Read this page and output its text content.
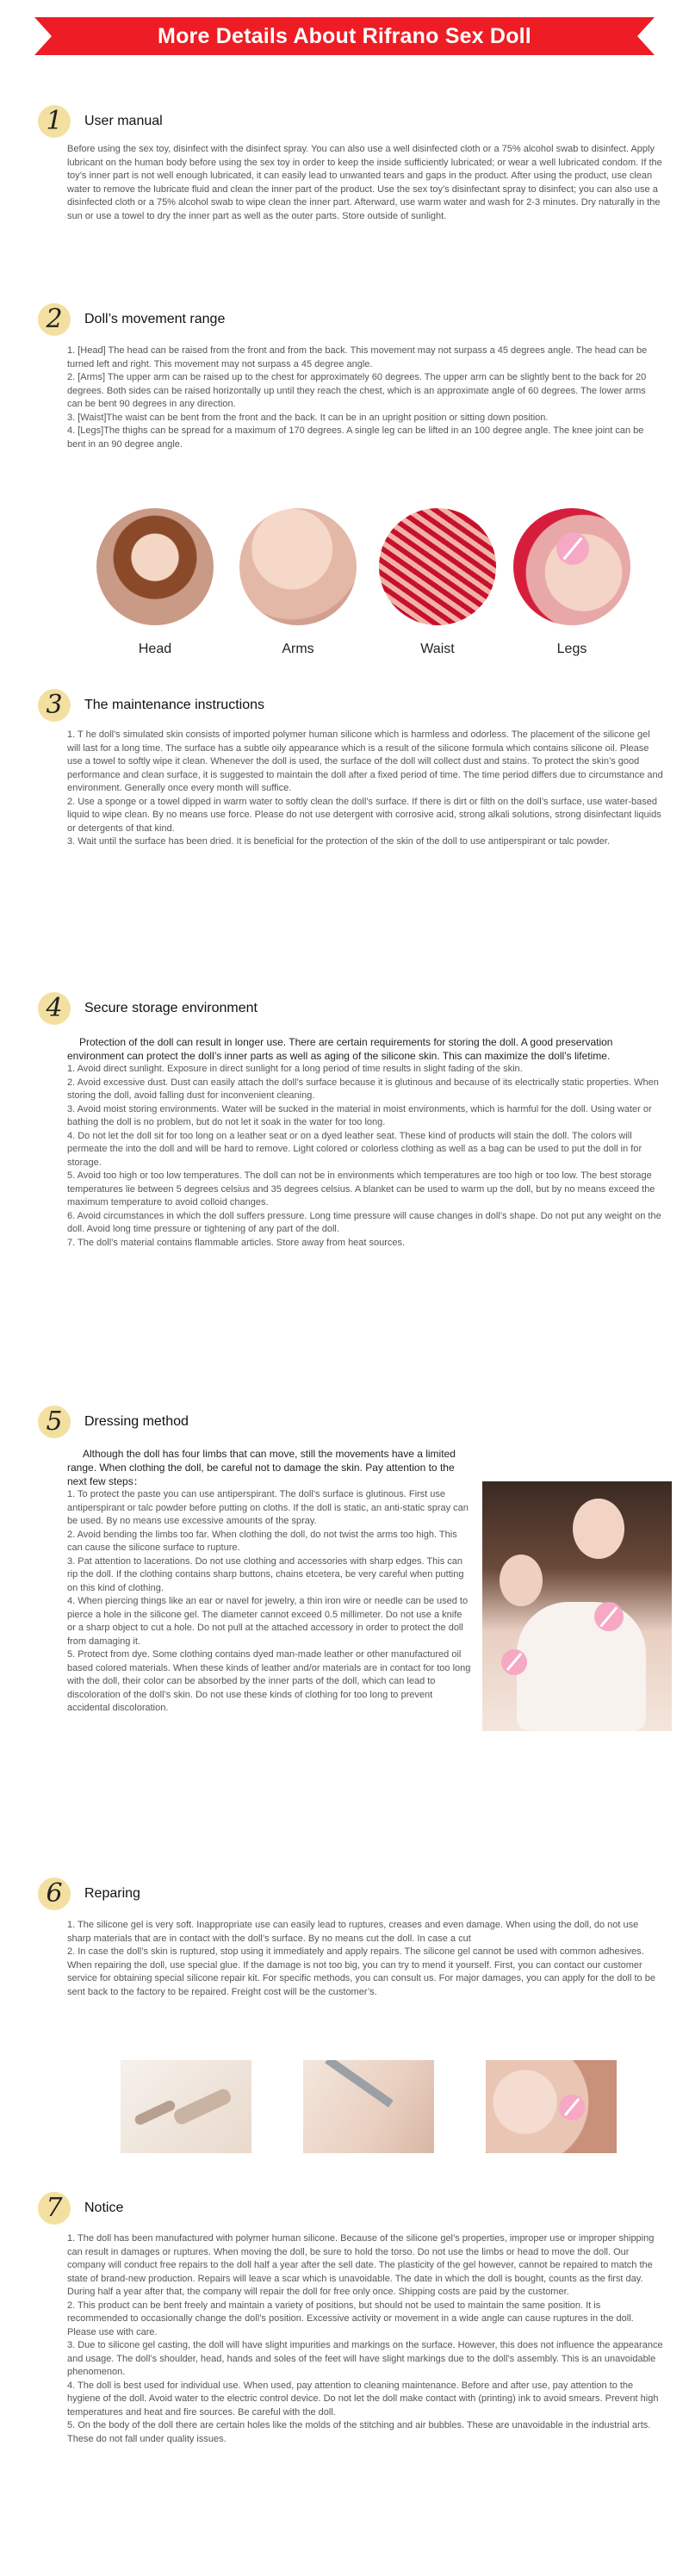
More Details About Rifrano Sex Doll
1	User manual

Before using the sex toy, disinfect with the disinfect spray. You can also use a well disinfected cloth or a 75% alcohol swab to disinfect. Apply lubricant on the human body before using the sex toy in order to keep the inside sufficiently lubricated; or wear a well lubricated condom. If the toy’s inner part is not well enough lubricated, it can easily lead to unwanted tears and gaps in the product. After using the product, use clean water to remove the lubricate fluid and clean the inner part of the product. Use the sex toy’s disinfectant spray to disinfect; you can also use a disinfected cloth or a 75% alcohol swab to wipe clean the inner part. Afterward, use warm water and wash for 2-3 minutes. Dry naturally in the sun or use a towel to dry the inner part as well as the outer parts. Store outside of sunlight.

2	Doll’s movement range

1. [Head] The head can be raised from the front and from the back. This movement may not surpass a 45 degrees angle. The head can be turned left and right. This movement may not surpass a 45 degree angle.

2. [Arms] The upper arm can be raised up to the chest for approximately 60 degrees. The upper arm can be slightly bent to the back for 20 degrees. Both sides can be raised horizontally up until they reach the chest, which is an approximate angle of 60 degrees. The lower arms can be bent 90 degrees in any direction.

3. [Waist]The waist can be bent from the front and the back. It can be in an upright position or sitting down position.

4. [Legs]The thighs can be spread for a maximum of 170 degrees. A single leg can be lifted in an 100 degree angle. The knee joint can be bent in an 90 degree angle.

Head	Arms	Waist	Legs
3	The maintenance instructions

1. T he doll’s simulated skin consists of imported polymer human silicone which is harmless and odorless. The placement of the silicone gel will last for a long time. The surface has a subtle oily appearance which is a result of the silicone formula which contains silicone oil. Please use a towel to softly wipe it clean. Whenever the doll is used, the surface of the doll will collect dust and stains. To protect the skin’s good performance and clean surface, it is suggested to maintain the doll after a fixed period of time. The time period differs due to circumstance and environment. Generally once every month will suffice.

2. Use a sponge or a towel dipped in warm water to softly clean the doll’s surface. If there is dirt or filth on the doll’s surface, use water-based liquid to wipe clean. By no means use force. Please do not use detergent with corrosive acid, strong alkali solutions, strong disinfectant liquids or detergents of that kind.

3. Wait until the surface has been dried. It is beneficial for the protection of the skin of the doll to use antiperspirant or talc powder.

4	Secure storage environment

Protection of the doll can result in longer use. There are certain requirements for storing the doll. A good preservation environment can protect the doll’s inner parts as well as aging of the silicone skin. This can maximize the doll’s lifetime.

1. Avoid direct sunlight. Exposure in direct sunlight for a long period of time results in slight fading of the skin.

2. Avoid excessive dust. Dust can easily attach the doll’s surface because it is glutinous and because of its electrically static properties. When storing the doll, avoid falling dust for inconvenient cleaning.

3. Avoid moist storing environments. Water will be sucked in the material in moist environments, which is harmful for the doll. Using water or bathing the doll is no problem, but do not let it soak in the water for too long.

4. Do not let the doll sit for too long on a leather seat or on a dyed leather seat. These kind of products will stain the doll. The colors will permeate the into the doll and will be hard to remove. Light colored or colorless clothing as well as a bag can be used to put the doll in for storage.

5. Avoid too high or too low temperatures. The doll can not be in environments which temperatures are too high or too low. The best storage temperatures lie between 5 degrees celsius and 35 degrees celsius. A blanket can be used to warm up the doll, but by no means exceed the maximum temperature to avoid colloid changes.

6. Avoid circumstances in which the doll suffers pressure. Long time pressure will cause changes in doll’s shape. Do not put any weight on the doll. Avoid long time pressure or tightening of any part of the doll.

7. The doll’s material contains flammable articles. Store away from heat sources.

5	Dressing method

Although the doll has four limbs that can move, still the movements have a limited range. When clothing the doll, be careful not to damage the skin. Pay attention to the next few steps：

1. To protect the paste you can use antiperspirant. The doll’s surface is glutinous. First use antiperspirant or talc powder before putting on cloths. If the doll is static, an anti-static spray can be used. By no means use excessive amounts of the spray.

2. Avoid bending the limbs too far. When clothing the doll, do not twist the arms too high. This can cause the silicone surface to rupture.

3. Pat attention to lacerations. Do not use clothing and accessories with sharp edges. This can rip the doll. If the clothing contains sharp buttons, chains etcetera, be very careful when putting on this kind of clothing.

4. When piercing things like an ear or navel for jewelry, a thin iron wire or needle can be used to pierce a hole in the silicone gel. The diameter cannot exceed 0.5 millimeter. Do not use a knife or a sharp object to cut a hole. Do not pull at the attached accessory in order to protect the doll from damaging it.

5. Protect from dye. Some clothing contains dyed man-made leather or other manufactured oil based colored materials. When these kinds of leather and/or materials are in contact for too long with the doll, their color can be absorbed by the inner parts of the doll, which can lead to discoloration of the doll’s skin. Do not use these kinds of clothing for too long to prevent accidental discoloration.

6	Reparing

1. The silicone gel is very soft. Inappropriate use can easily lead to ruptures, creases and even damage. When using the doll, do not use sharp materials that are in contact with the doll’s surface. By no means cut the doll. In case a cut

2. In case the doll’s skin is ruptured, stop using it immediately and apply repairs. The silicone gel cannot be used with common adhesives. When repairing the doll, use special glue. If the damage is not too big, you can try to mend it yourself. First, you can contact our customer service for obtaining special silicone repair kit. For specific methods, you can consult us. For major damages, you can apply for the doll to be sent back to the factory to be repaired. Freight cost will be the customer’s.

7	Notice

1. The doll has been manufactured with polymer human silicone. Because of the silicone gel’s properties, improper use or improper shipping can result in damages or ruptures. When moving the doll, be sure to hold the torso. Do not use the limbs or head to move the doll. Our company will conduct free repairs to the doll half a year after the sell date. The plasticity of the gel however, cannot be repaired to match the state of brand-new production. Repairs will leave a scar which is unavoidable. The date in which the doll is bought, counts as the first day. During half a year after that, the company will repair the doll for free only once. Shipping costs are paid by the customer.

2. This product can be bent freely and maintain a variety of positions, but should not be used to maintain the same position. It is recommended to occasionally change the doll’s position. Excessive activity or movement in a wide angle can cause ruptures in the doll. Please use with care.

3. Due to silicone gel casting, the doll will have slight impurities and markings on the surface. However, this does not influence the appearance and usage. The doll’s shoulder, head, hands and soles of the feet will have slight markings due to the doll’s assembly. This is an unavoidable phenomenon.

4. The doll is best used for individual use. When used, pay attention to cleaning maintenance. Before and after use, pay attention to the hygiene of the doll. Avoid water to the electric control device. Do not let the doll make contact with (printing) ink to avoid smears. Prevent high temperatures and heat and fire sources. Be careful with the doll.

5. On the body of the doll there are certain holes like the molds of the stitching and air bubbles. These are unavoidable in the industrial arts. These do not fall under quality issues.
